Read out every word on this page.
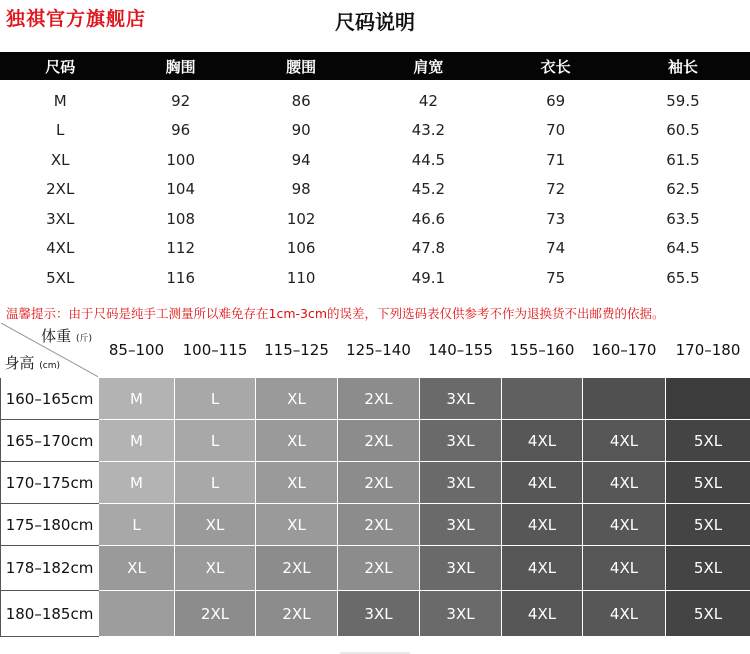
独祺官方旗舰店	尺码说明
尺码	胸围	腰围	肩宽	衣长	袖长
M	92	86	42	69	59.5
L	96	90	43.2	70	60.5
XL	100	94	44.5	71	61.5
2XL	104	98	45.2	72	62.5
3XL	108	102	46.6	73	63.5
4XL	112	106	47.8	74	64.5
5XL	116	110	49.1	75	65.5
温馨提示：由于尺码是纯手工测量所以难免存在1cm-3cm的误差，下列选码表仅供参考不作为退换货不出邮费的依据。
体重 (斤)
身高 (cm)	85–100	100–115	115–125	125–140	140–155	155–160	160–170	170–180
160–165cm	M	L	XL	2XL	3XL			
165–170cm	M	L	XL	2XL	3XL	4XL	4XL	5XL
170–175cm	M	L	XL	2XL	3XL	4XL	4XL	5XL
175–180cm	L	XL	XL	2XL	3XL	4XL	4XL	5XL
178–182cm	XL	XL	2XL	2XL	3XL	4XL	4XL	5XL
180–185cm		2XL	2XL	3XL	3XL	4XL	4XL	5XL
